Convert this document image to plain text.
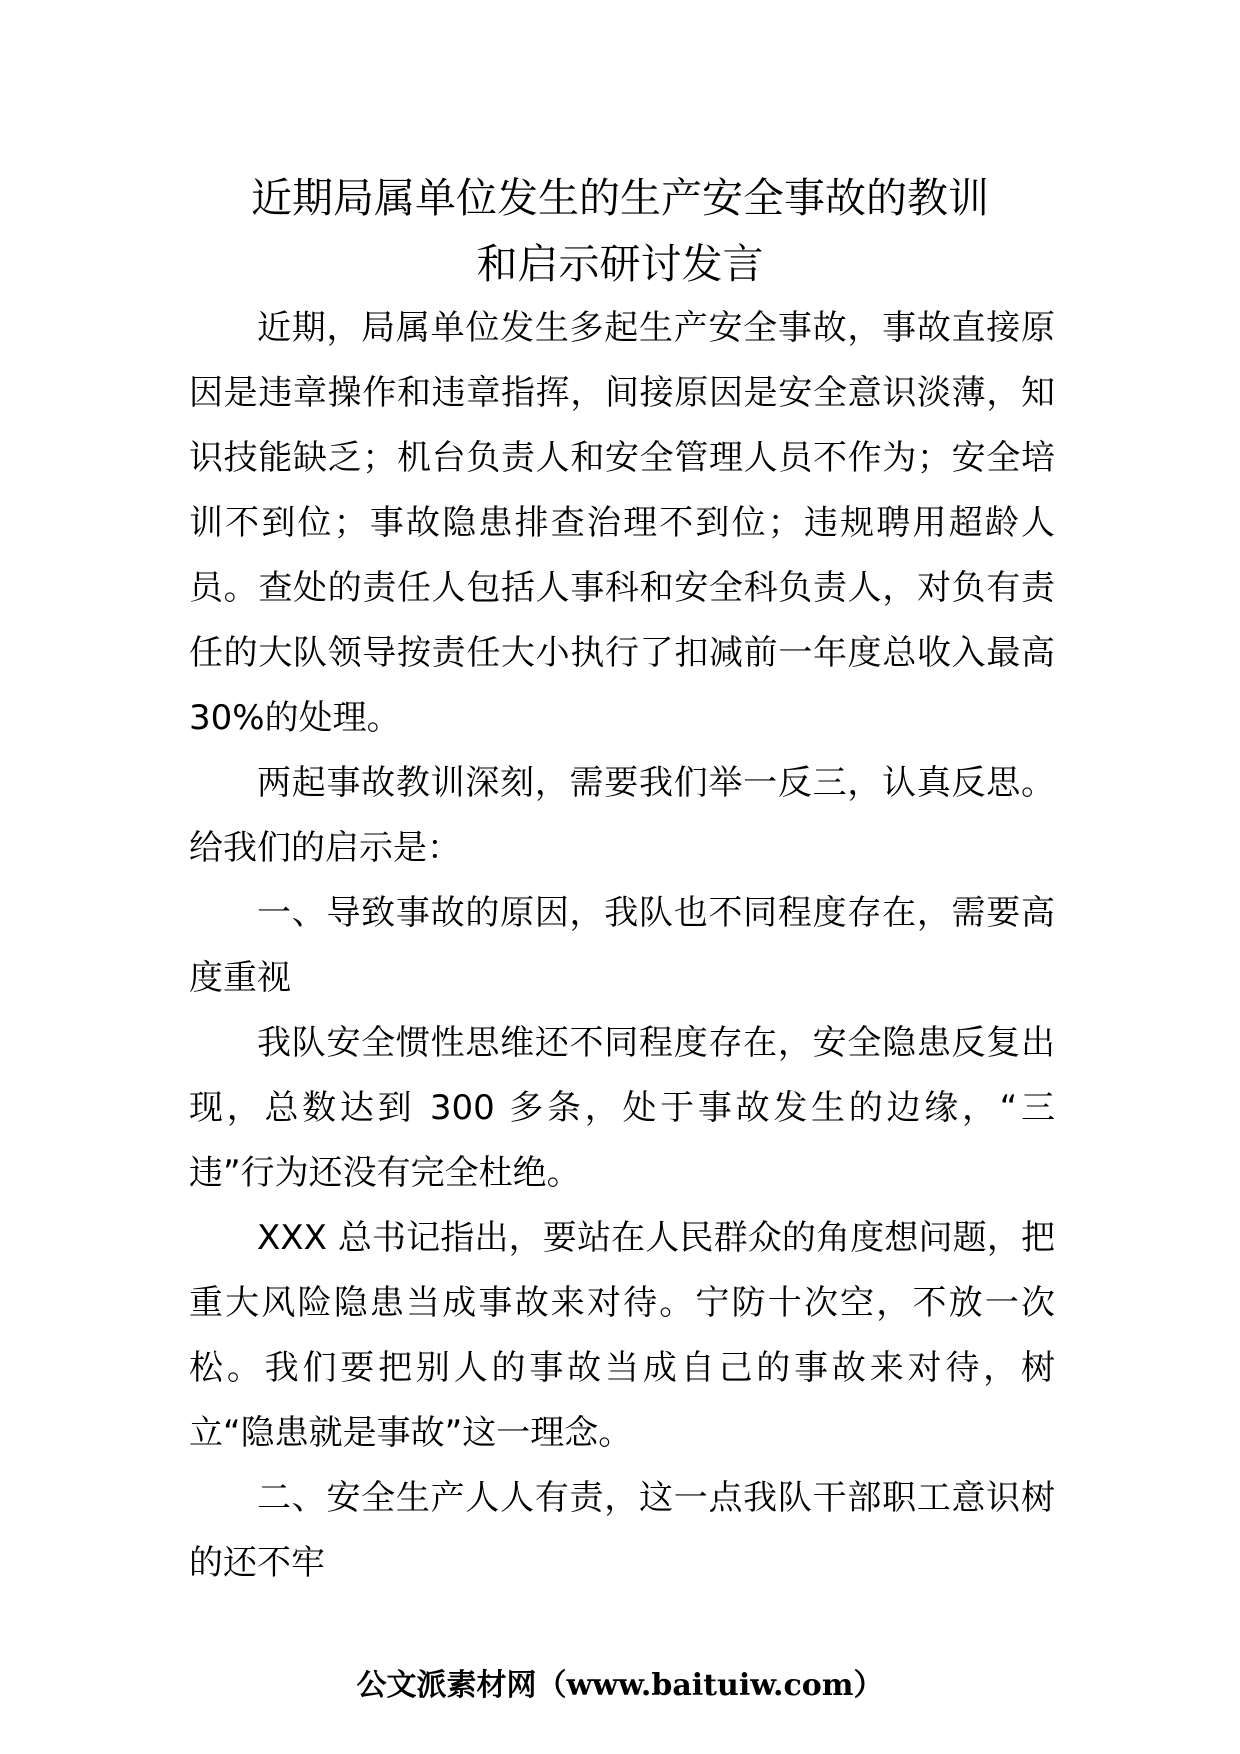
近期局属单位发生的生产安全事故的教训
和启示研讨发言

近期，局属单位发生多起生产安全事故，事故直接原因是违章操作和违章指挥，间接原因是安全意识淡薄，知识技能缺乏；机台负责人和安全管理人员不作为；安全培训不到位；事故隐患排查治理不到位；违规聘用超龄人员。查处的责任人包括人事科和安全科负责人，对负有责任的大队领导按责任大小执行了扣减前一年度总收入最高30%的处理。

两起事故教训深刻，需要我们举一反三，认真反思。给我们的启示是：

一、导致事故的原因，我队也不同程度存在，需要高度重视

我队安全惯性思维还不同程度存在，安全隐患反复出现，总数达到 300 多条，处于事故发生的边缘，“三违”行为还没有完全杜绝。

XXX 总书记指出，要站在人民群众的角度想问题，把重大风险隐患当成事故来对待。宁防十次空，不放一次松。我们要把别人的事故当成自己的事故来对待，树立“隐患就是事故”这一理念。

二、安全生产人人有责，这一点我队干部职工意识树的还不牢

公文派素材网（www.baituiw.com）
